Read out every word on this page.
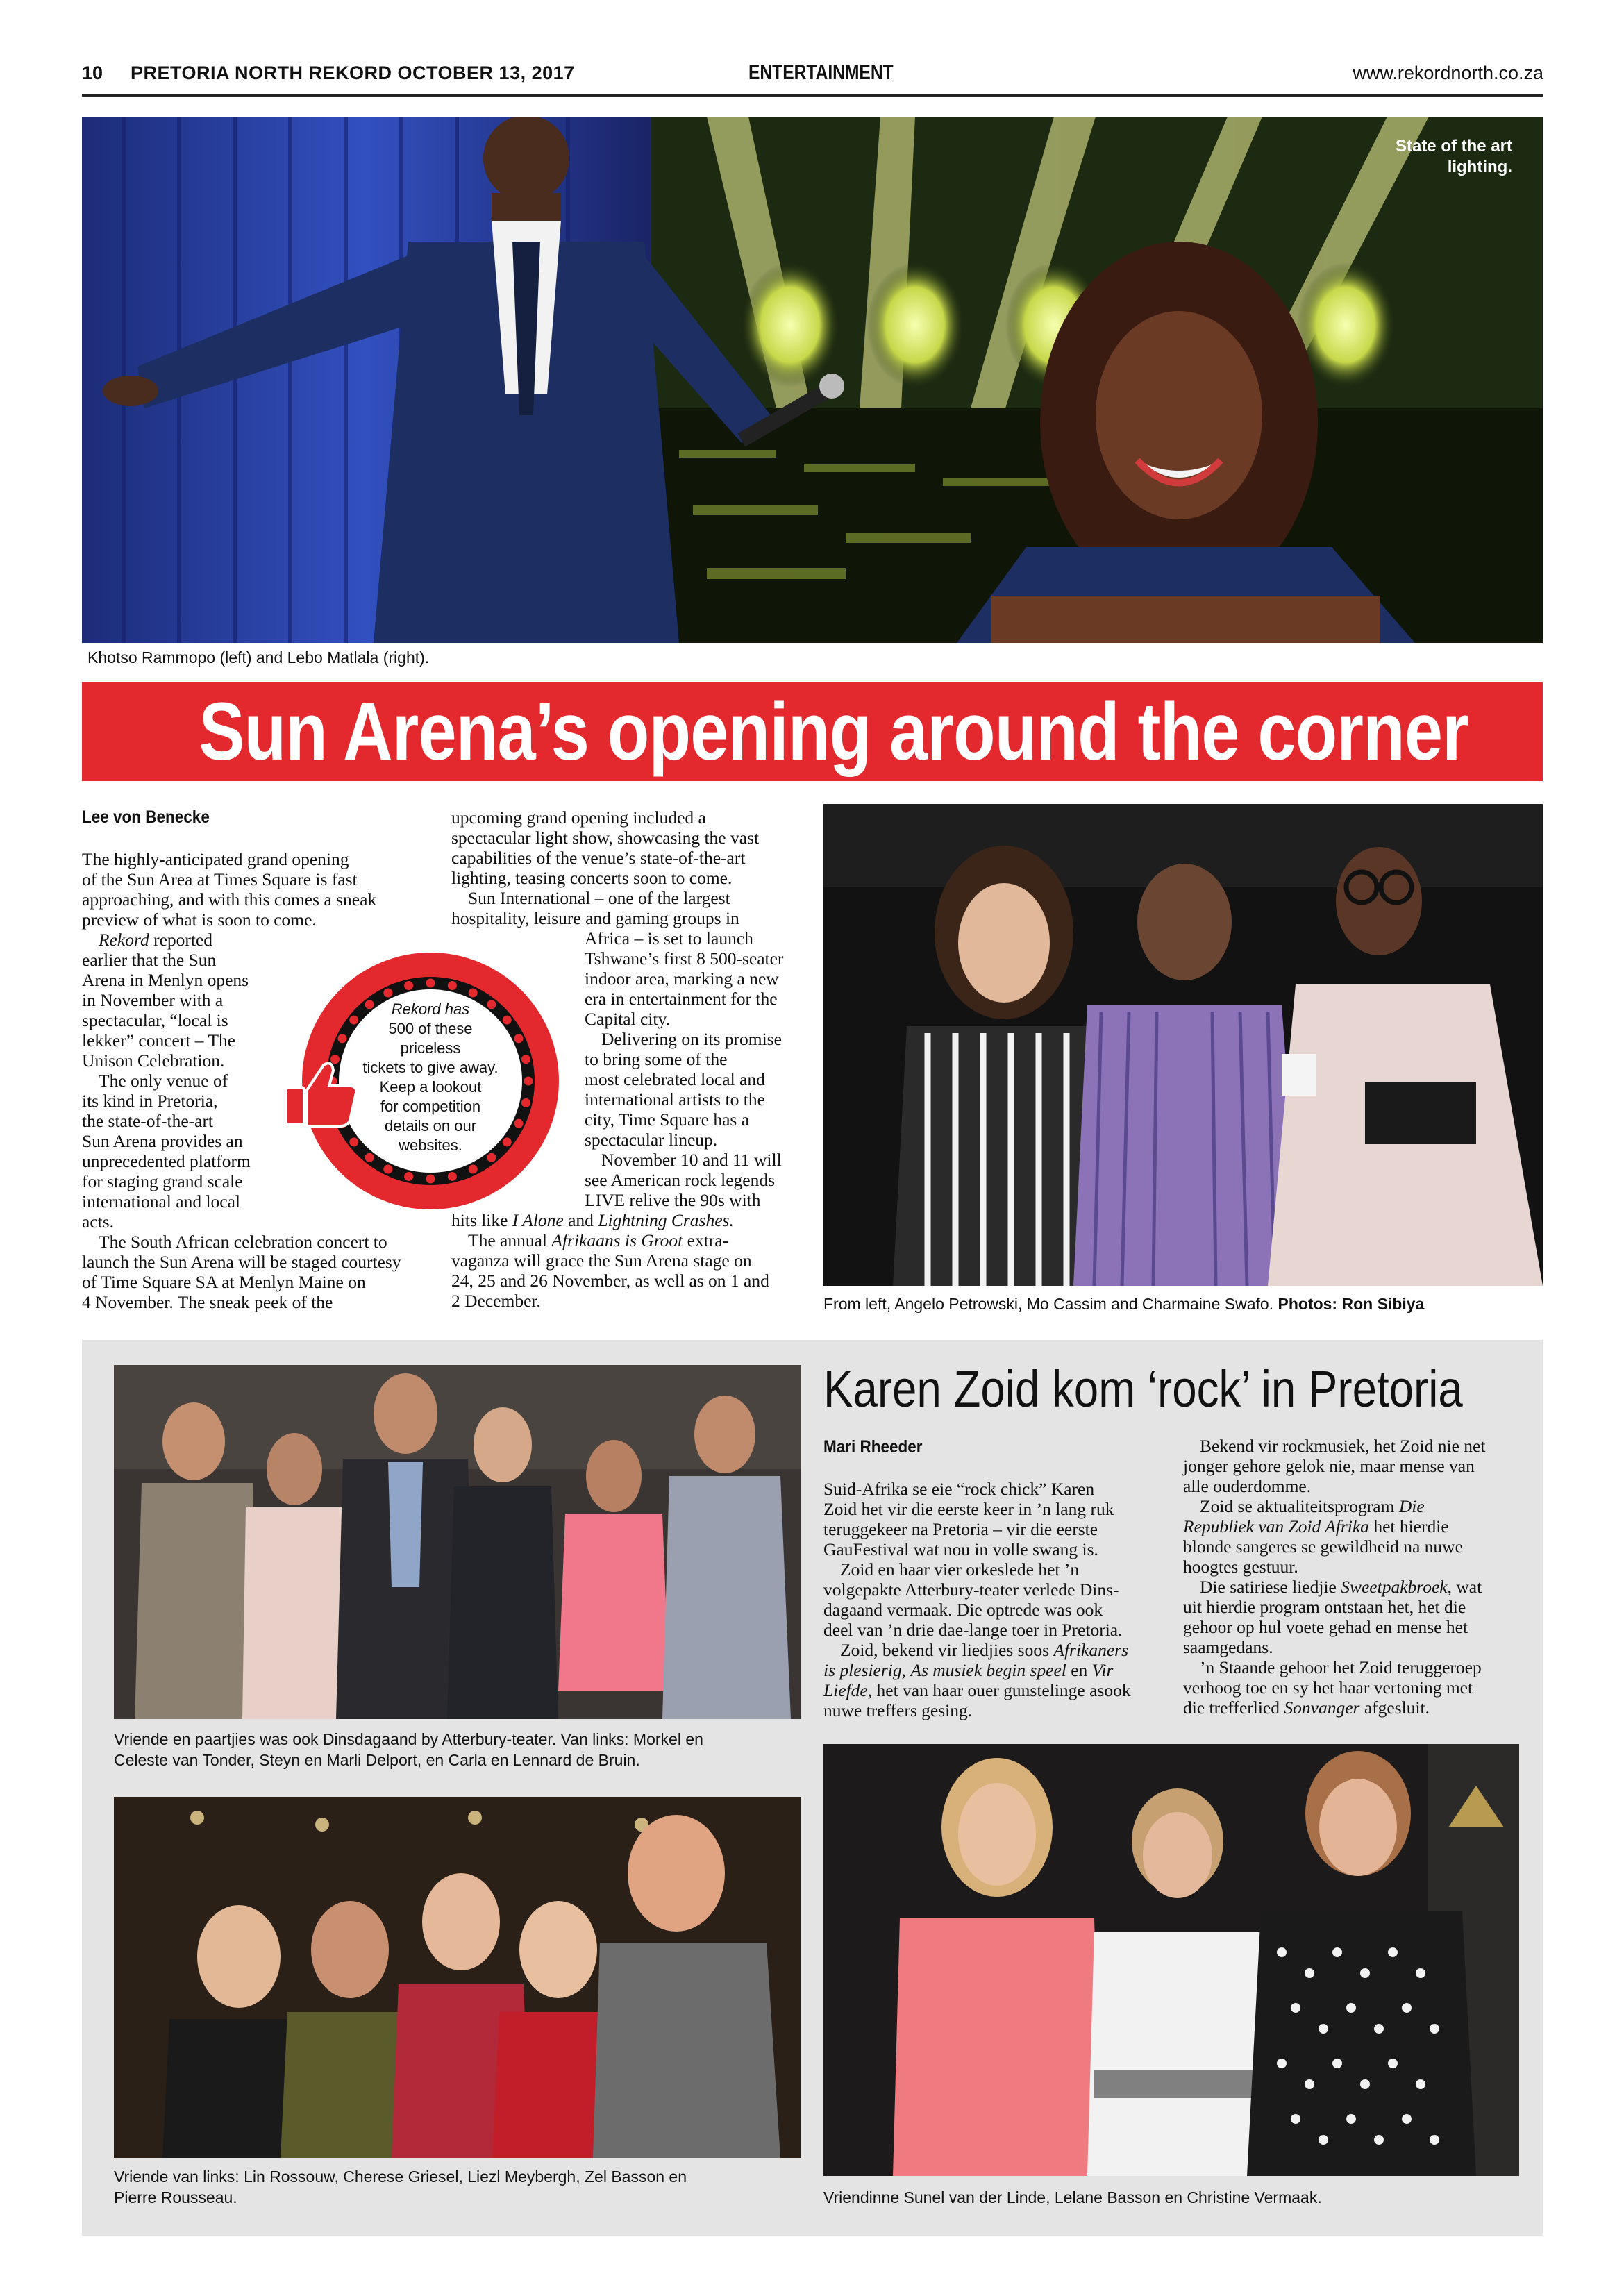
10 PRETORIA NORTH REKORD OCTOBER 13, 2017	ENTERTAINMENT	www.rekordnorth.co.za
State of the art
lighting.
Khotso Rammopo (left) and Lebo Matlala (right).
Sun Arena’s opening around the corner
Lee von Benecke

The highly-anticipated grand opening

of the Sun Area at Times Square is fast

approaching, and with this comes a sneak

preview of what is soon to come.

Rekord reported

earlier that the Sun

Arena in Menlyn opens

in November with a

spectacular, “local is

lekker” concert – The

Unison Celebration.

The only venue of

its kind in Pretoria,

the state-of-the-art

Sun Arena provides an

unprecedented platform

for staging grand scale

international and local

acts.

The South African celebration concert to

launch the Sun Arena will be staged courtesy

of Time Square SA at Menlyn Maine on

4 November. The sneak peek of the

upcoming grand opening included a

spectacular light show, showcasing the vast

capabilities of the venue’s state-of-the-art

lighting, teasing concerts soon to come.

Sun International – one of the largest

hospitality, leisure and gaming groups in

Africa – is set to launch

Tshwane’s first 8 500-seater

indoor area, marking a new

era in entertainment for the

Capital city.

Delivering on its promise

to bring some of the

most celebrated local and

international artists to the

city, Time Square has a

spectacular lineup.

November 10 and 11 will

see American rock legends

LIVE relive the 90s with

hits like I Alone and Lightning Crashes.

The annual Afrikaans is Groot extra-

vaganza will grace the Sun Arena stage on

24, 25 and 26 November, as well as on 1 and

2 December.

Rekord has
500 of these
priceless
tickets to give away.
Keep a lookout
for competition
details on our
websites.
From left, Angelo Petrowski, Mo Cassim and Charmaine Swafo. Photos: Ron Sibiya
Vriende en paartjies was ook Dinsdagaand by Atterbury-teater. Van links: Morkel en
Celeste van Tonder, Steyn en Marli Delport, en Carla en Lennard de Bruin.
Vriende van links: Lin Rossouw, Cherese Griesel, Liezl Meybergh, Zel Basson en
Pierre Rousseau.
Karen Zoid kom ‘rock’ in Pretoria
Mari Rheeder

Suid-Afrika se eie “rock chick” Karen

Zoid het vir die eerste keer in ’n lang ruk

teruggekeer na Pretoria – vir die eerste

GauFestival wat nou in volle swang is.

Zoid en haar vier orkeslede het ’n

volgepakte Atterbury-teater verlede Dins-

dagaand vermaak. Die optrede was ook

deel van ’n drie dae-lange toer in Pretoria.

Zoid, bekend vir liedjies soos Afrikaners

is plesierig, As musiek begin speel en Vir

Liefde, het van haar ouer gunstelinge asook

nuwe treffers gesing.

Bekend vir rockmusiek, het Zoid nie net

jonger gehore gelok nie, maar mense van

alle ouderdomme.

Zoid se aktualiteitsprogram Die

Republiek van Zoid Afrika het hierdie

blonde sangeres se gewildheid na nuwe

hoogtes gestuur.

Die satiriese liedjie Sweetpakbroek, wat

uit hierdie program ontstaan het, het die

gehoor op hul voete gehad en mense het

saamgedans.

’n Staande gehoor het Zoid teruggeroep

verhoog toe en sy het haar vertoning met

die trefferlied Sonvanger afgesluit.

Vriendinne Sunel van der Linde, Lelane Basson en Christine Vermaak.
